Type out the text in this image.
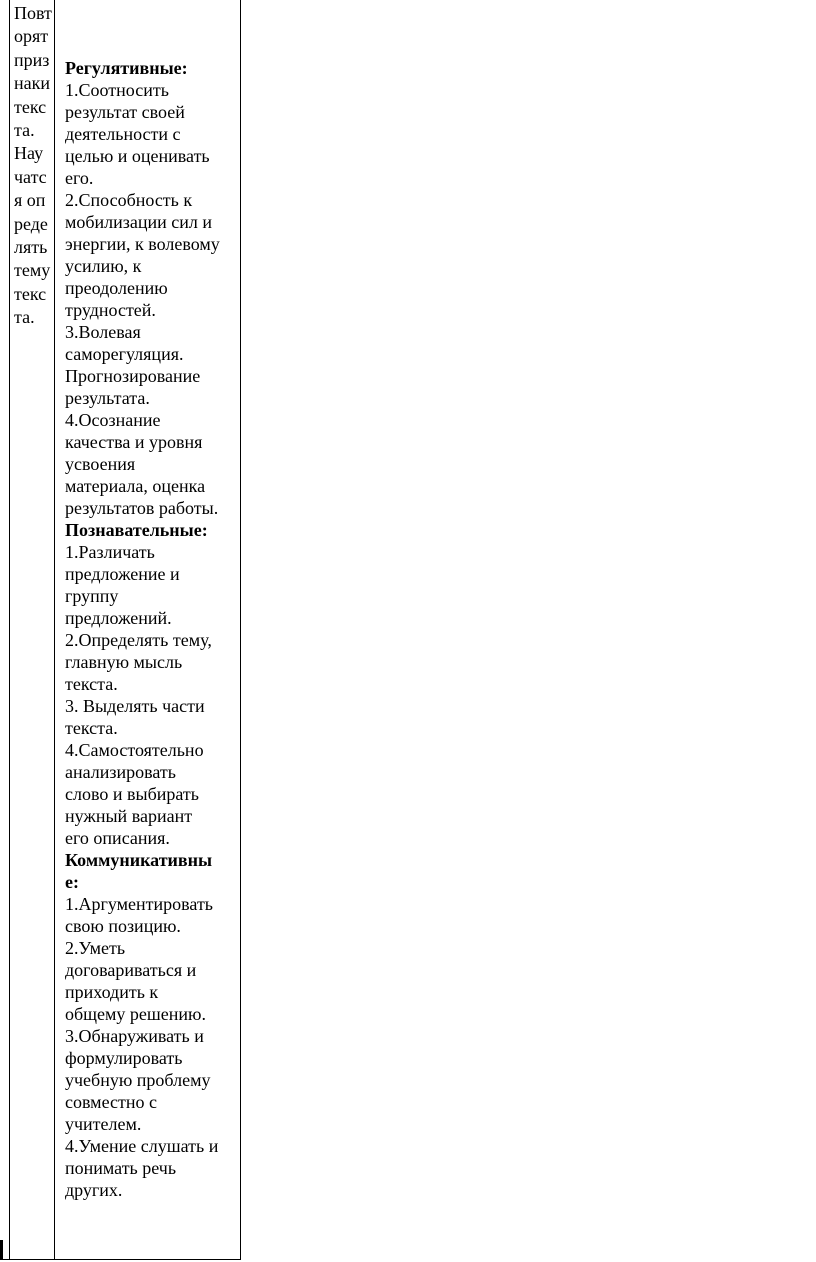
Повторят признаки текста. Научатся определять тему текста.
Регулятивные:
1.Соотносить
результат своей
деятельности с
целью и оценивать
его.
2.Способность к
мобилизации сил и
энергии, к волевому
усилию, к
преодолению
трудностей.
3.Волевая
саморегуляция.
Прогнозирование
результата.
4.Осознание
качества и уровня
усвоения
материала, оценка
результатов работы.
Познавательные:
1.Различать
предложение и
группу
предложений.
2.Определять тему,
главную мысль
текста.
3. Выделять части
текста.
4.Самостоятельно
анализировать
слово и выбирать
нужный вариант
его описания.
Коммуникативны
е:
1.Аргументировать
свою позицию.
2.Уметь
договариваться и
приходить к
общему решению.
3.Обнаруживать и
формулировать
учебную проблему
совместно с
учителем.
4.Умение слушать и
понимать речь
других.
